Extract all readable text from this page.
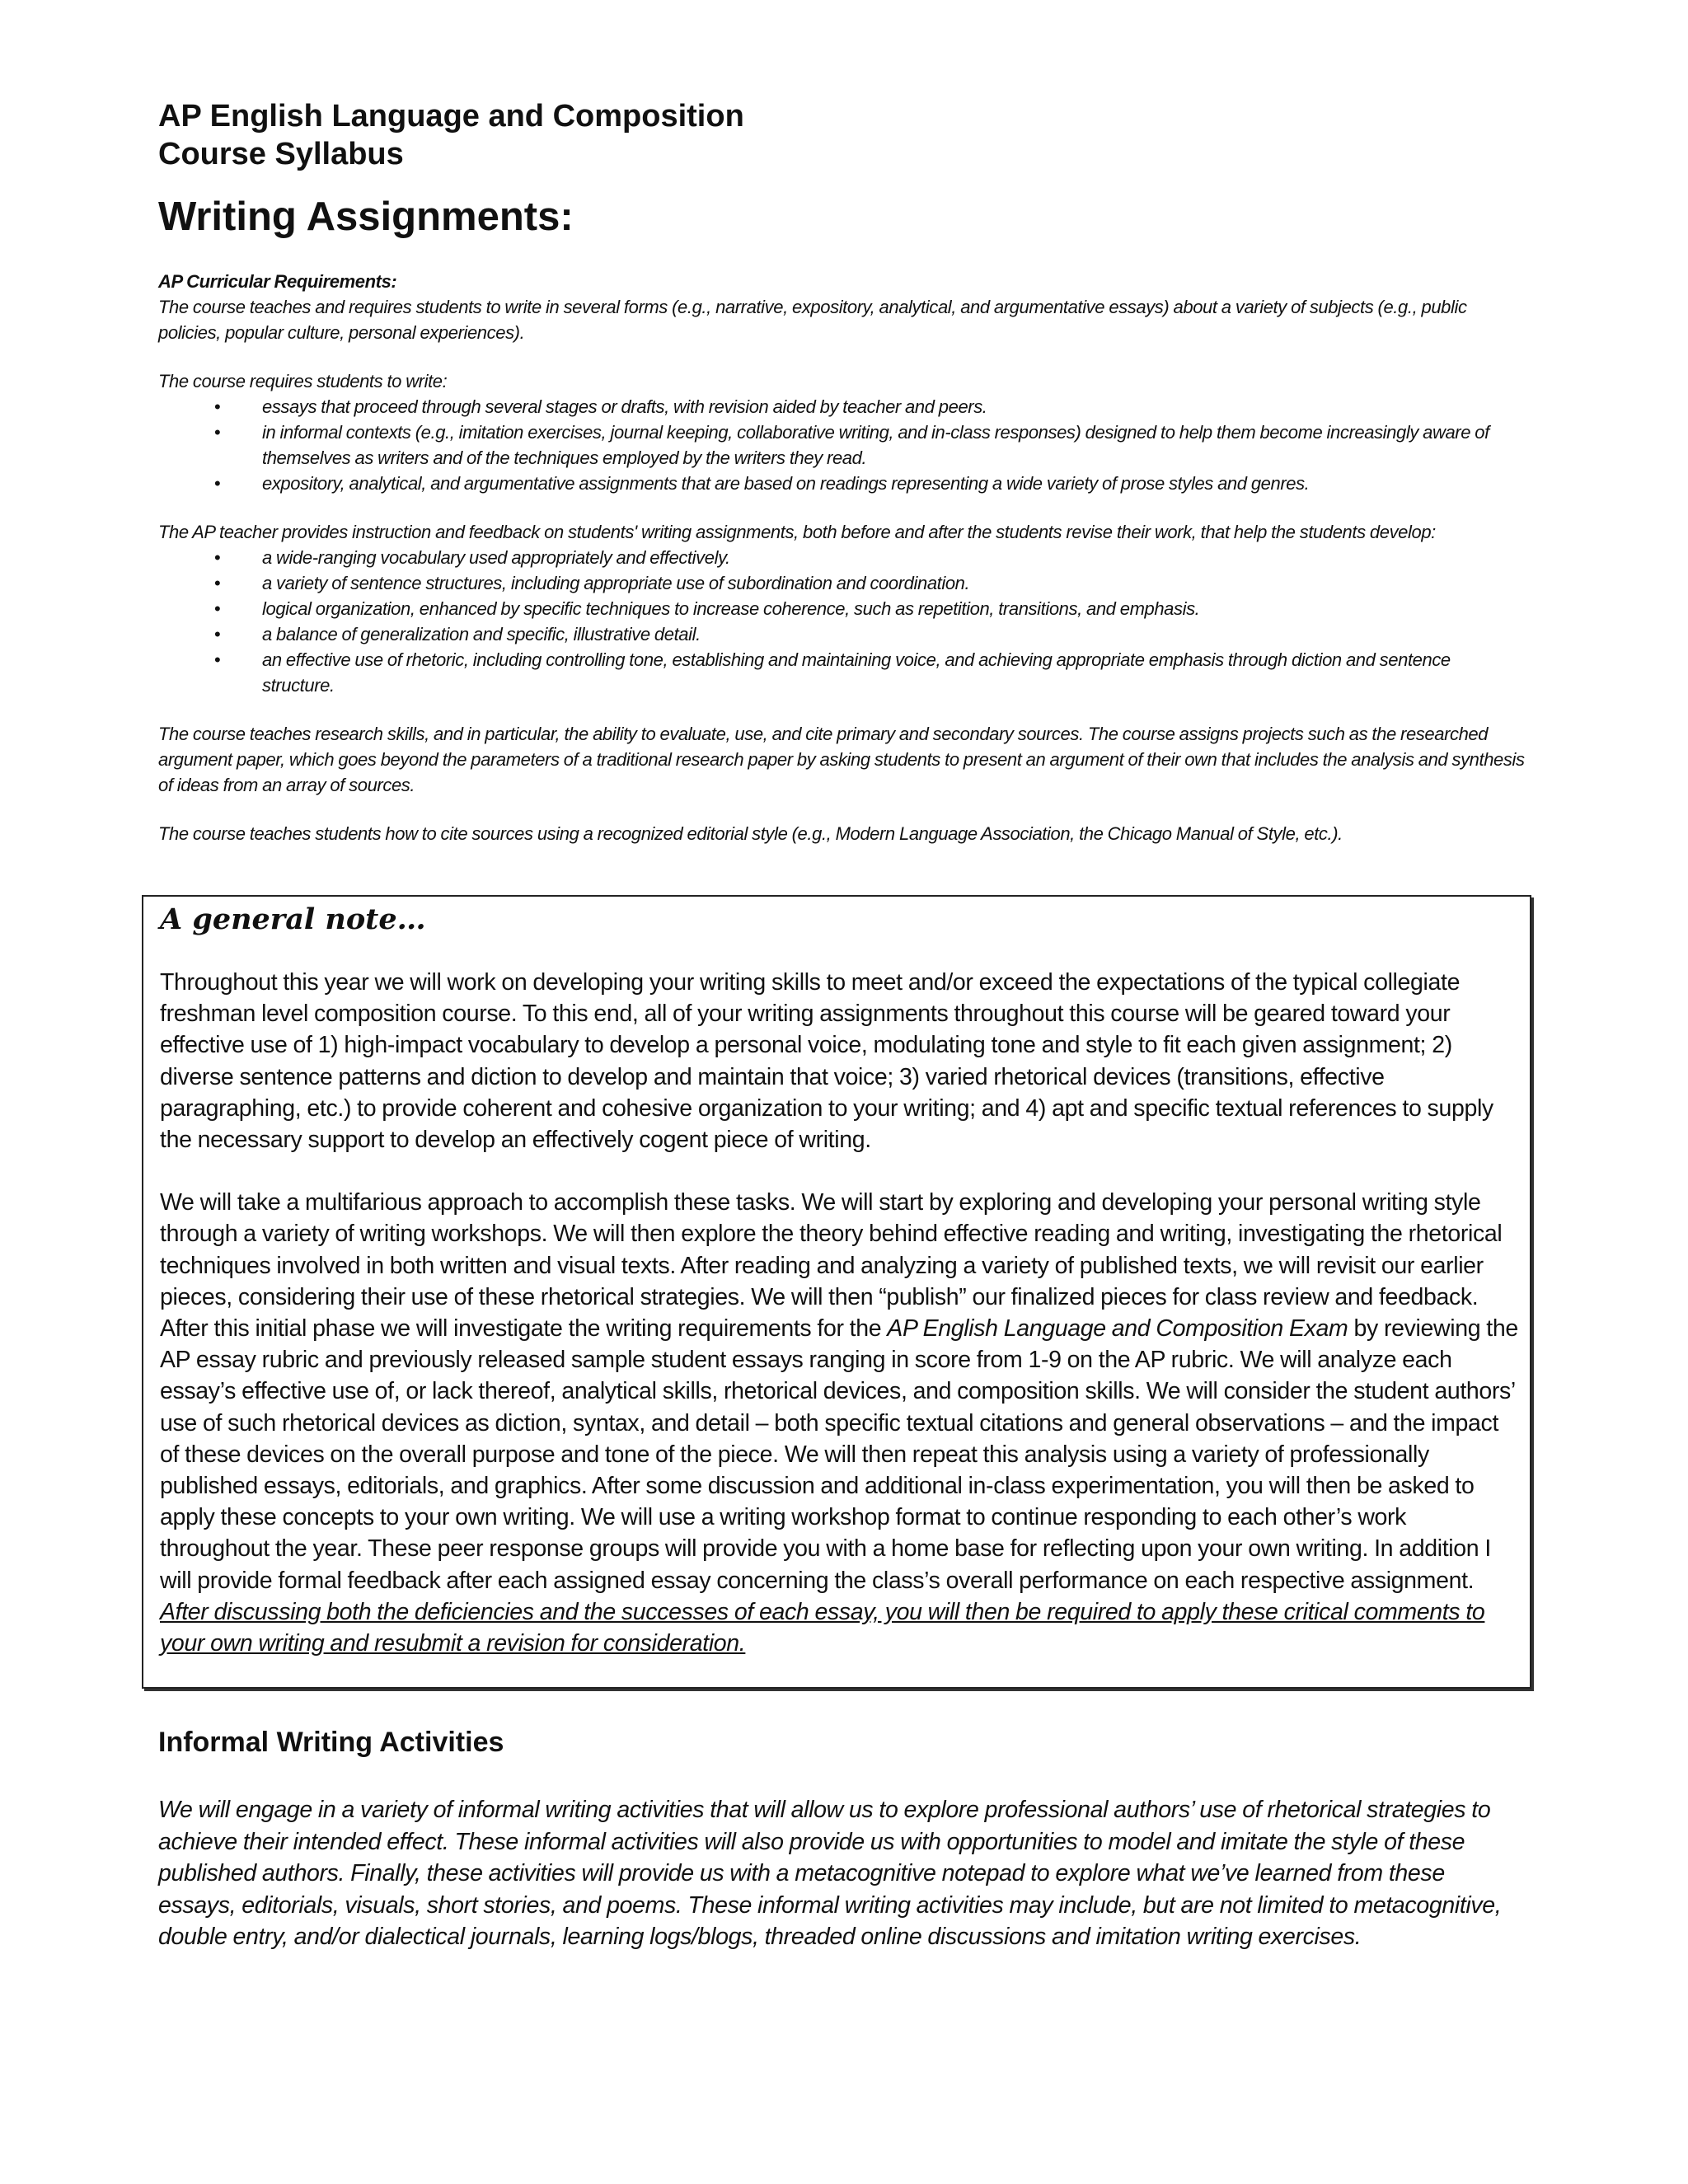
AP English Language and Composition
Course Syllabus
Writing Assignments:

AP Curricular Requirements:

The course teaches and requires students to write in several forms (e.g., narrative, expository, analytical, and argumentative essays) about a variety of subjects (e.g., public policies, popular culture, personal experiences).

The course requires students to write:

• essays that proceed through several stages or drafts, with revision aided by teacher and peers.
• in informal contexts (e.g., imitation exercises, journal keeping, collaborative writing, and in-class responses) designed to help them become increasingly aware of themselves as writers and of the techniques employed by the writers they read.
• expository, analytical, and argumentative assignments that are based on readings representing a wide variety of prose styles and genres.

The AP teacher provides instruction and feedback on students' writing assignments, both before and after the students revise their work, that help the students develop:

• a wide-ranging vocabulary used appropriately and effectively.
• a variety of sentence structures, including appropriate use of subordination and coordination.
• logical organization, enhanced by specific techniques to increase coherence, such as repetition, transitions, and emphasis.
• a balance of generalization and specific, illustrative detail.
• an effective use of rhetoric, including controlling tone, establishing and maintaining voice, and achieving appropriate emphasis through diction and sentence structure.

The course teaches research skills, and in particular, the ability to evaluate, use, and cite primary and secondary sources. The course assigns projects such as the researched argument paper, which goes beyond the parameters of a traditional research paper by asking students to present an argument of their own that includes the analysis and synthesis of ideas from an array of sources.

The course teaches students how to cite sources using a recognized editorial style (e.g., Modern Language Association, the Chicago Manual of Style, etc.).

A general note…

Throughout this year we will work on developing your writing skills to meet and/or exceed the expectations of the typical collegiate freshman level composition course. To this end, all of your writing assignments throughout this course will be geared toward your effective use of 1) high-impact vocabulary to develop a personal voice, modulating tone and style to fit each given assignment; 2) diverse sentence patterns and diction to develop and maintain that voice; 3) varied rhetorical devices (transitions, effective paragraphing, etc.) to provide coherent and cohesive organization to your writing; and 4) apt and specific textual references to supply the necessary support to develop an effectively cogent piece of writing.

We will take a multifarious approach to accomplish these tasks. We will start by exploring and developing your personal writing style through a variety of writing workshops. We will then explore the theory behind effective reading and writing, investigating the rhetorical techniques involved in both written and visual texts. After reading and analyzing a variety of published texts, we will revisit our earlier pieces, considering their use of these rhetorical strategies. We will then “publish” our finalized pieces for class review and feedback. After this initial phase we will investigate the writing requirements for the AP English Language and Composition Exam by reviewing the AP essay rubric and previously released sample student essays ranging in score from 1-9 on the AP rubric. We will analyze each essay’s effective use of, or lack thereof, analytical skills, rhetorical devices, and composition skills. We will consider the student authors’ use of such rhetorical devices as diction, syntax, and detail – both specific textual citations and general observations – and the impact of these devices on the overall purpose and tone of the piece. We will then repeat this analysis using a variety of professionally published essays, editorials, and graphics. After some discussion and additional in-class experimentation, you will then be asked to apply these concepts to your own writing. We will use a writing workshop format to continue responding to each other’s work throughout the year. These peer response groups will provide you with a home base for reflecting upon your own writing. In addition I will provide formal feedback after each assigned essay concerning the class’s overall performance on each respective assignment. After discussing both the deficiencies and the successes of each essay, you will then be required to apply these critical comments to your own writing and resubmit a revision for consideration.

Informal Writing Activities

We will engage in a variety of informal writing activities that will allow us to explore professional authors’ use of rhetorical strategies to achieve their intended effect. These informal activities will also provide us with opportunities to model and imitate the style of these published authors. Finally, these activities will provide us with a metacognitive notepad to explore what we’ve learned from these essays, editorials, visuals, short stories, and poems. These informal writing activities may include, but are not limited to metacognitive, double entry, and/or dialectical journals, learning logs/blogs, threaded online discussions and imitation writing exercises.
